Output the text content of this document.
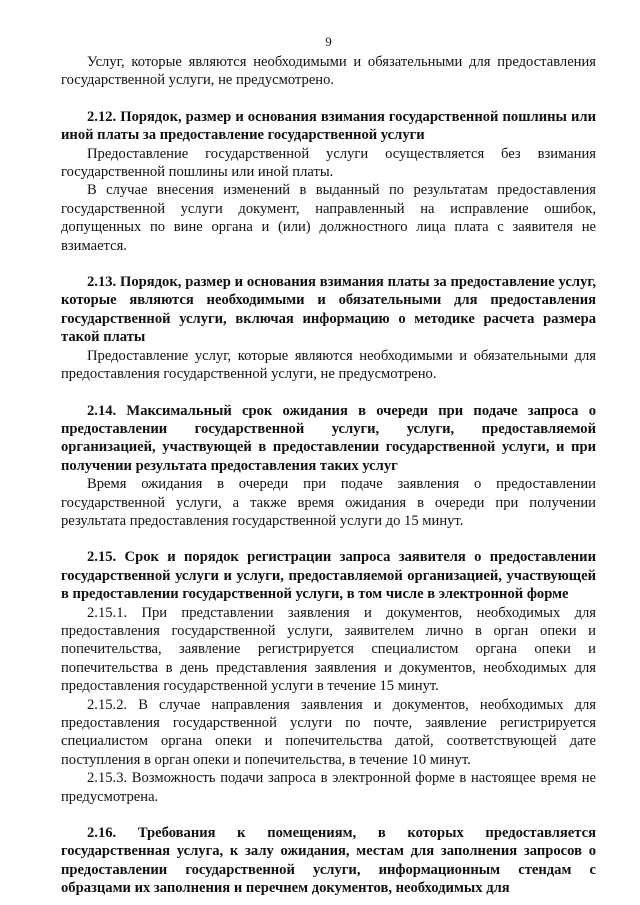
9

Услуг, которые являются необходимыми и обязательными для предоставления государственной услуги, не предусмотрено.

2.12. Порядок, размер и основания взимания государственной пошлины или иной платы за предоставление государственной услуги

Предоставление государственной услуги осуществляется без взимания государственной пошлины или иной платы.

В случае внесения изменений в выданный по результатам предоставления государственной услуги документ, направленный на исправление ошибок, допущенных по вине органа и (или) должностного лица плата с заявителя не взимается.

2.13. Порядок, размер и основания взимания платы за предоставление услуг, которые являются необходимыми и обязательными для предоставления государственной услуги, включая информацию о методике расчета размера такой платы

Предоставление услуг, которые являются необходимыми и обязательными для предоставления государственной услуги, не предусмотрено.

2.14. Максимальный срок ожидания в очереди при подаче запроса о предоставлении государственной услуги, услуги, предоставляемой организацией, участвующей в предоставлении государственной услуги, и при получении результата предоставления таких услуг

Время ожидания в очереди при подаче заявления о предоставлении государственной услуги, а также время ожидания в очереди при получении результата предоставления государственной услуги до 15 минут.

2.15. Срок и порядок регистрации запроса заявителя о предоставлении государственной услуги и услуги, предоставляемой организацией, участвующей в предоставлении государственной услуги, в том числе в электронной форме

2.15.1. При представлении заявления и документов, необходимых для предоставления государственной услуги, заявителем лично в орган опеки и попечительства, заявление регистрируется специалистом органа опеки и попечительства в день представления заявления и документов, необходимых для предоставления государственной услуги в течение 15 минут.

2.15.2. В случае направления заявления и документов, необходимых для предоставления государственной услуги по почте, заявление регистрируется специалистом органа опеки и попечительства датой, соответствующей дате поступления в орган опеки и попечительства, в течение 10 минут.

2.15.3. Возможность подачи запроса в электронной форме в настоящее время не предусмотрена.

2.16. Требования к помещениям, в которых предоставляется государственная услуга, к залу ожидания, местам для заполнения запросов о предоставлении государственной услуги, информационным стендам с образцами их заполнения и перечнем документов, необходимых для
